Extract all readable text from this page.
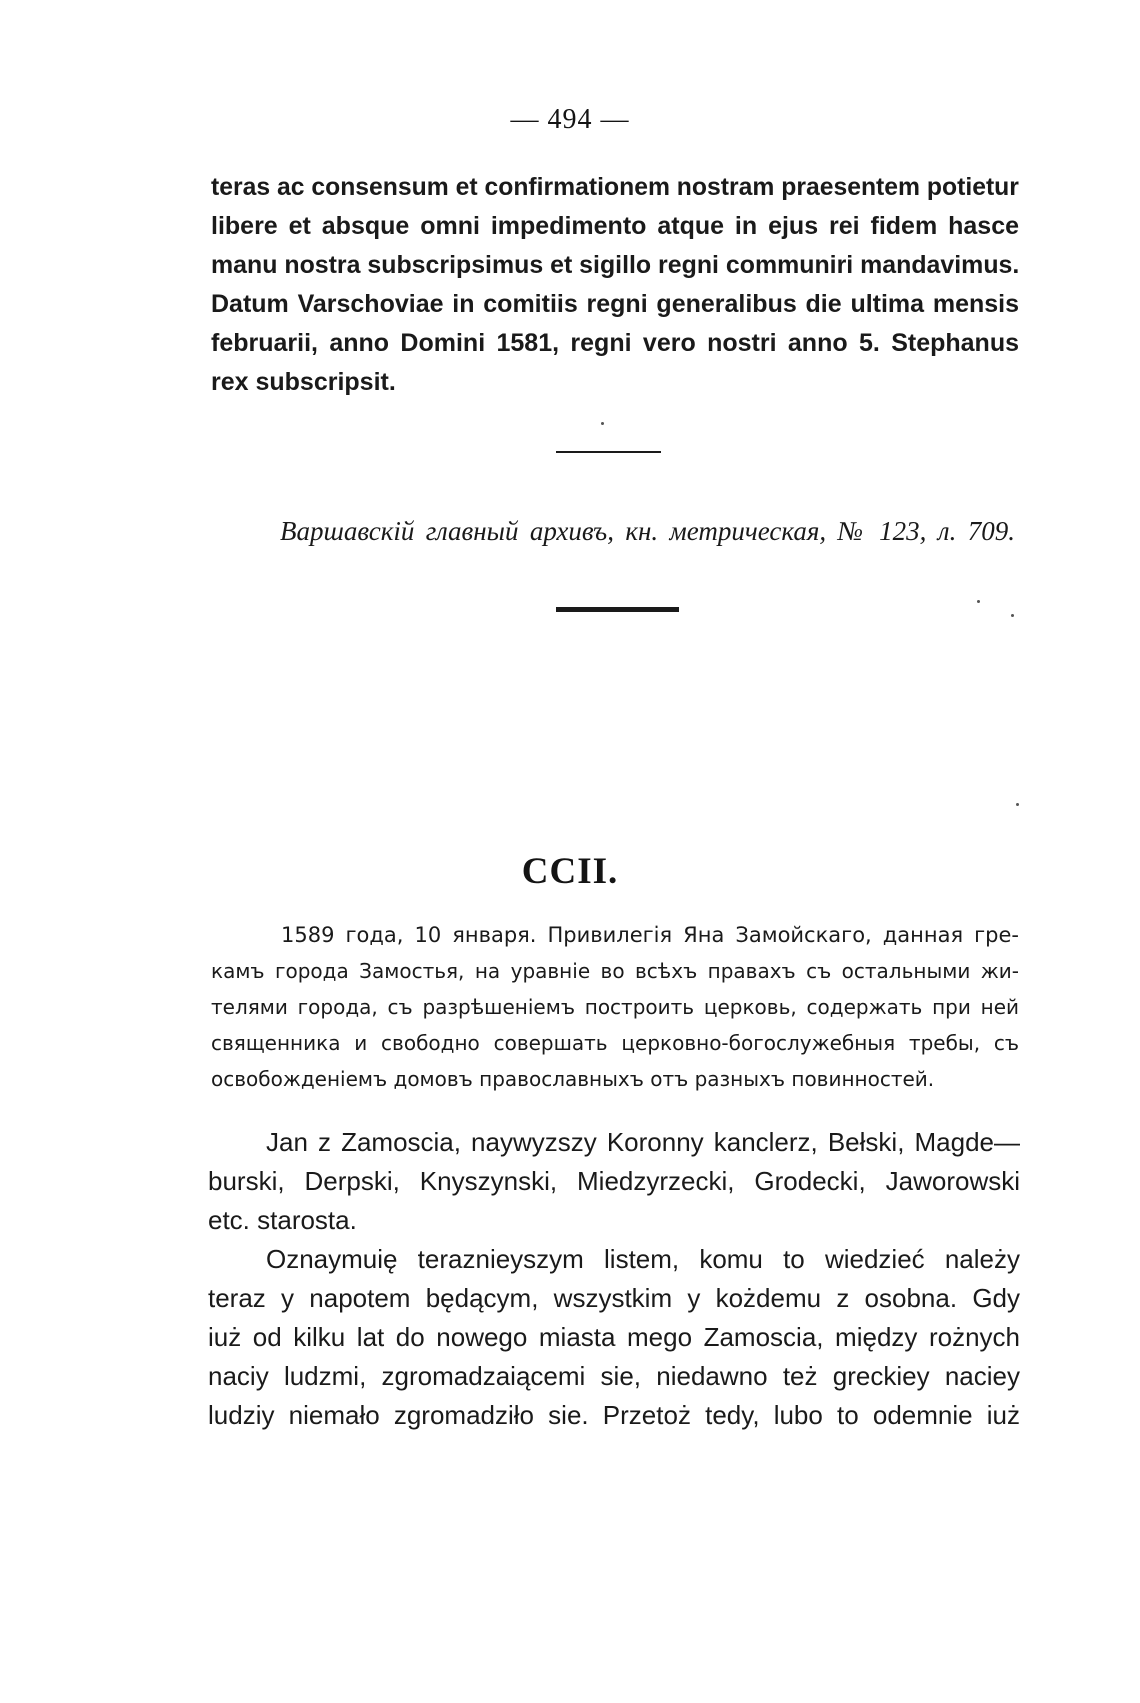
— 494 —
teras ac consensum et confirmationem nostram praesentem potietur
libere et absque omni impedimento atque in ejus rei fidem hasce
manu nostra subscripsimus et sigillo regni communiri mandavimus.
Datum Varschoviae in comitiis regni generalibus die ultima mensis
februarii, anno Domini 1581, regni vero nostri anno 5. Stephanus
rex subscripsit.
Варшавскiй главный архивъ, кн. метрическая, № 123, л. 709.
CCII.
1589 года, 10 января. Привилегія Яна Замойскаго, данная гре-
камъ города Замостья, на уравніе во всѣхъ правахъ съ остальными жи-
телями города, съ разрѣшеніемъ построить церковь, содержать при ней
священника и свободно совершать церковно-богослужебныя требы, съ
освобожденіемъ домовъ православныхъ отъ разныхъ повинностей.
Jan z Zamoscia, naywyzszy Koronny kanclerz, Bełski, Magde—
burski, Derpski, Knyszynski, Miedzyrzecki, Grodecki, Jaworowski
etc. starosta.
Oznaymuię teraznieyszym listem, komu to wiedzieć należy
teraz y napotem będącym, wszystkim y kożdemu z osobna. Gdy
iuż od kilku lat do nowego miasta mego Zamoscia, między rożnych
naciy ludzmi, zgromadzaiącemi sie, niedawno też greckiey naciey
ludziy niemało zgromadziło sie. Przetoż tedy, lubo to odemnie iuż
